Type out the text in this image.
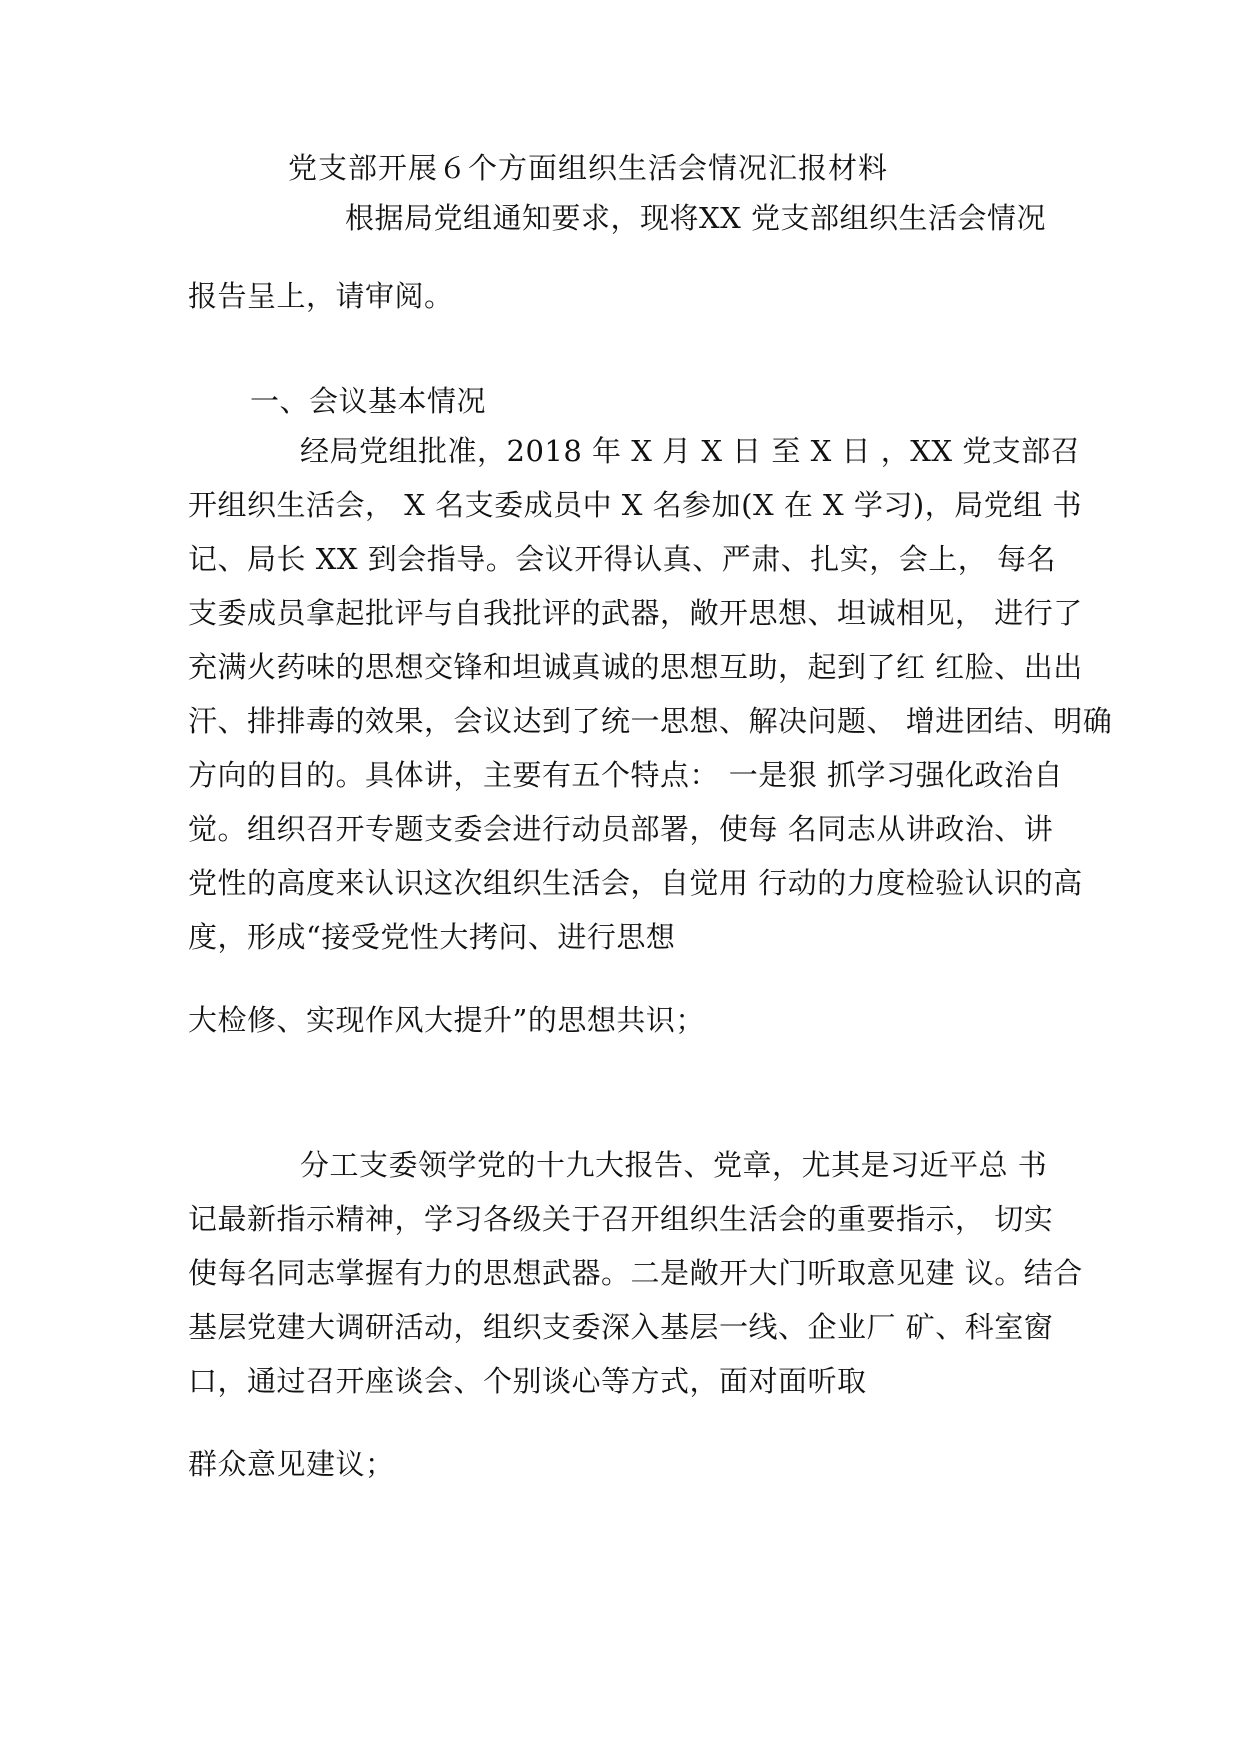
党支部开展６个方面组织生活会情况汇报材料
根据局党组通知要求，现将XX 党支部组织生活会情况
报告呈上，请审阅。
一、会议基本情况
经局党组批准，2018 年 X 月 X 日 至 X 日 ，XX 党支部召
开组织生活会， X 名支委成员中 X 名参加(X 在 X 学习)，局党组 书
记、局长 XX 到会指导。会议开得认真、严肃、扎实，会上， 每名
支委成员拿起批评与自我批评的武器，敞开思想、坦诚相见， 进行了
充满火药味的思想交锋和坦诚真诚的思想互助，起到了红 红脸、出出
汗、排排毒的效果，会议达到了统一思想、解决问题、 增进团结、明确
方向的目的。具体讲，主要有五个特点： 一是狠 抓学习强化政治自
觉。组织召开专题支委会进行动员部署，使每 名同志从讲政治、讲
党性的高度来认识这次组织生活会，自觉用 行动的力度检验认识的高
度，形成“接受党性大拷问、进行思想
大检修、实现作风大提升”的思想共识；
分工支委领学党的十九大报告、党章，尤其是习近平总 书
记最新指示精神，学习各级关于召开组织生活会的重要指示， 切实
使每名同志掌握有力的思想武器。二是敞开大门听取意见建 议。结合
基层党建大调研活动，组织支委深入基层一线、企业厂 矿、科室窗
口，通过召开座谈会、个别谈心等方式，面对面听取
群众意见建议；
